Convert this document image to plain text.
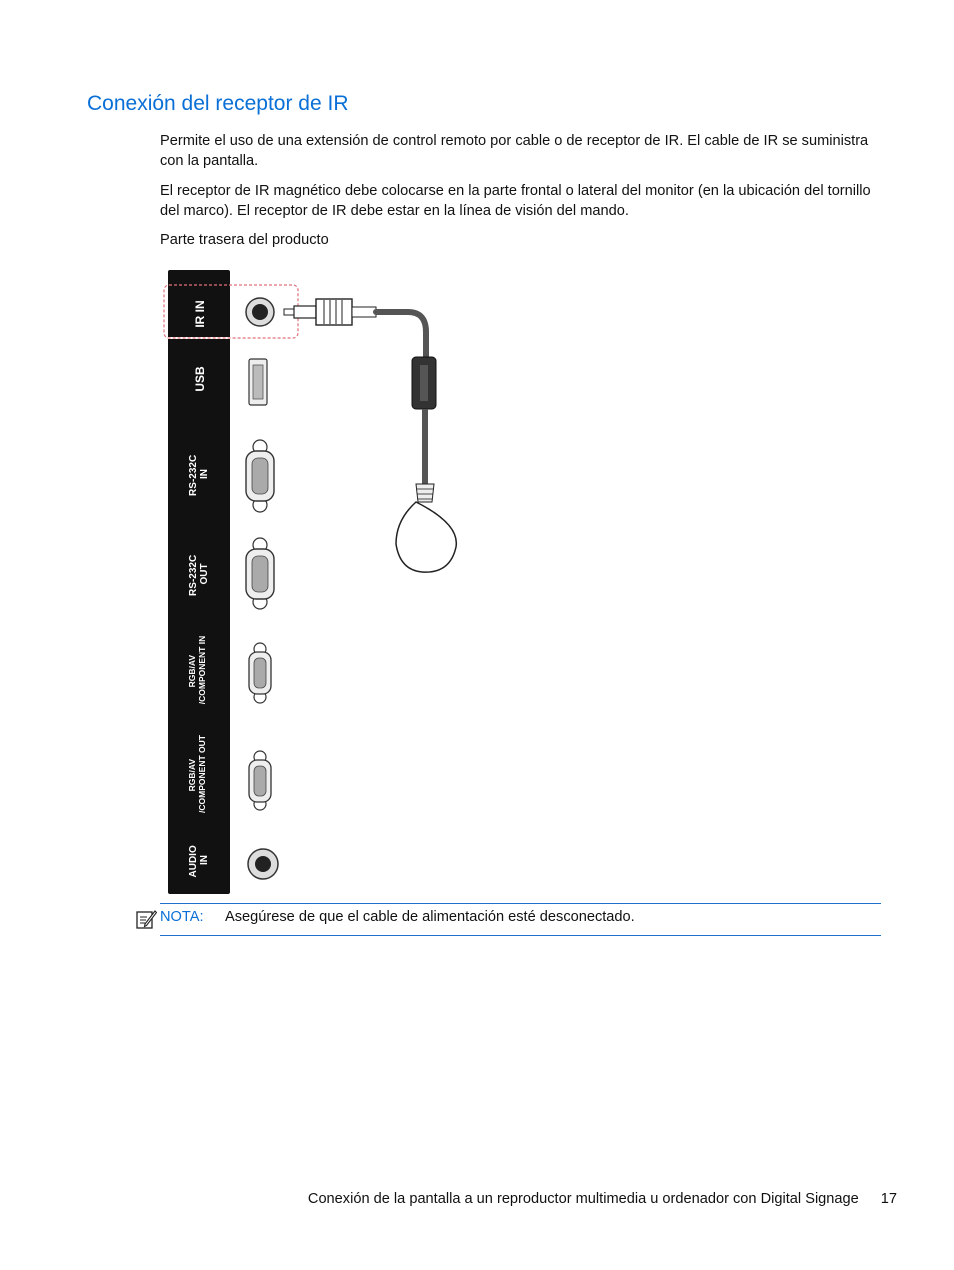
Conexión del receptor de IR

Permite el uso de una extensión de control remoto por cable o de receptor de IR. El cable de IR se suministra con la pantalla.

El receptor de IR magnético debe colocarse en la parte frontal o lateral del monitor (en la ubicación del tornillo del marco). El receptor de IR debe estar en la línea de visión del mando.

Parte trasera del producto

IR IN
USB
RS-232C IN
RS-232C OUT
RGB/AV /COMPONENT IN
RGB/AV /COMPONENT OUT
AUDIO IN
NOTA: Asegúrese de que el cable de alimentación esté desconectado.
Conexión de la pantalla a un reproductor multimedia u ordenador con Digital Signage 17
